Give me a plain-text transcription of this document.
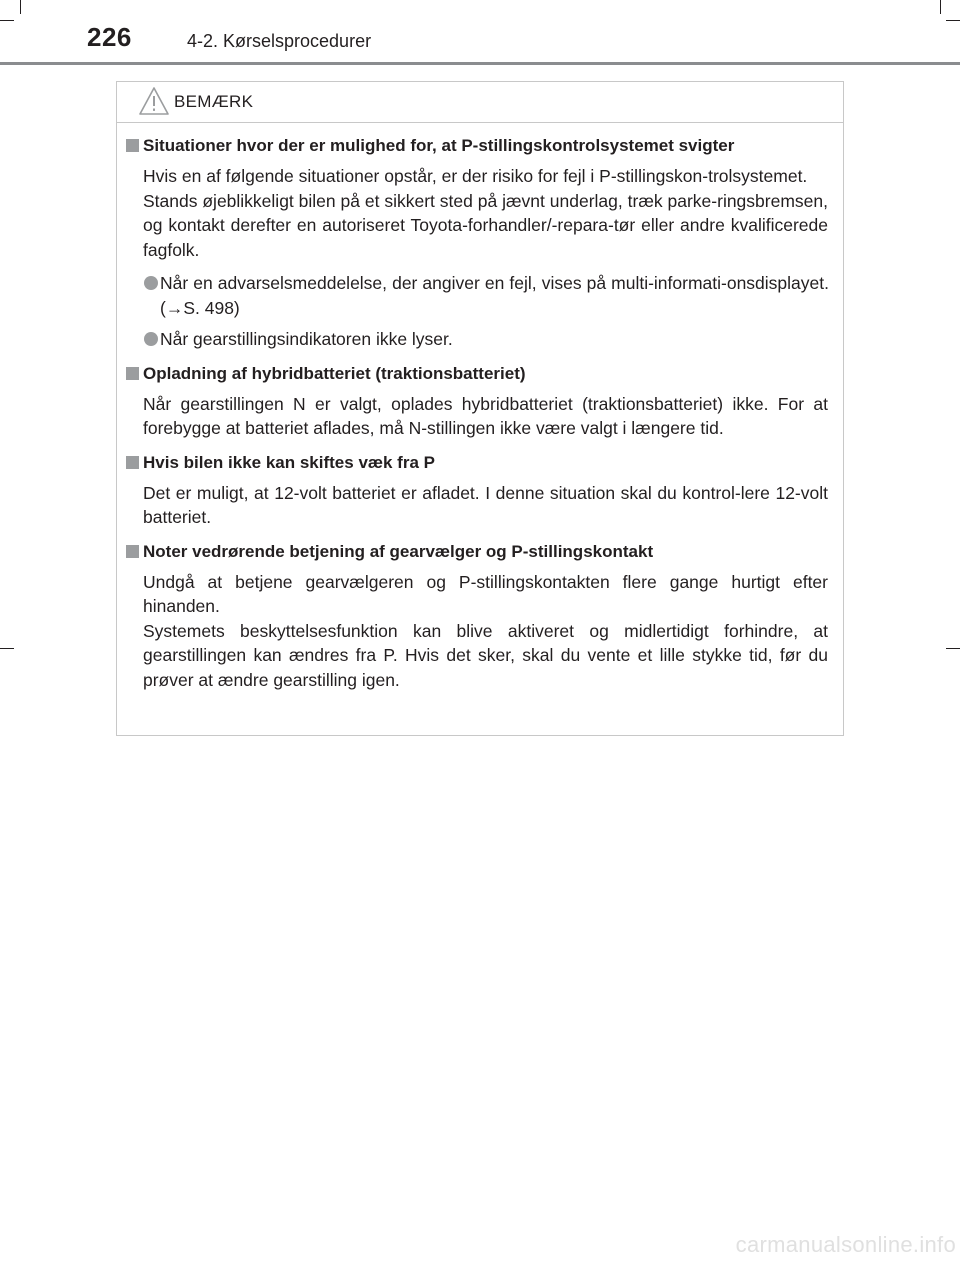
226	4-2. Kørselsprocedurer
BEMÆRK
Situationer hvor der er mulighed for, at P-stillingskontrolsystemet svigter
Hvis en af følgende situationer opstår, er der risiko for fejl i P-stillingskon-trolsystemet.
Stands øjeblikkeligt bilen på et sikkert sted på jævnt underlag, træk parke-ringsbremsen, og kontakt derefter en autoriseret Toyota-forhandler/-repara-tør eller andre kvalificerede fagfolk.
Når en advarselsmeddelelse, der angiver en fejl, vises på multi-informati-onsdisplayet. (→S. 498)
Når gearstillingsindikatoren ikke lyser.
Opladning af hybridbatteriet (traktionsbatteriet)
Når gearstillingen N er valgt, oplades hybridbatteriet (traktionsbatteriet) ikke. For at forebygge at batteriet aflades, må N-stillingen ikke være valgt i længere tid.
Hvis bilen ikke kan skiftes væk fra P
Det er muligt, at 12-volt batteriet er afladet. I denne situation skal du kontrol-lere 12-volt batteriet.
Noter vedrørende betjening af gearvælger og P-stillingskontakt
Undgå at betjene gearvælgeren og P-stillingskontakten flere gange hurtigt efter hinanden.
Systemets beskyttelsesfunktion kan blive aktiveret og midlertidigt forhindre, at gearstillingen kan ændres fra P. Hvis det sker, skal du vente et lille stykke tid, før du prøver at ændre gearstilling igen.
carmanualsonline.info
